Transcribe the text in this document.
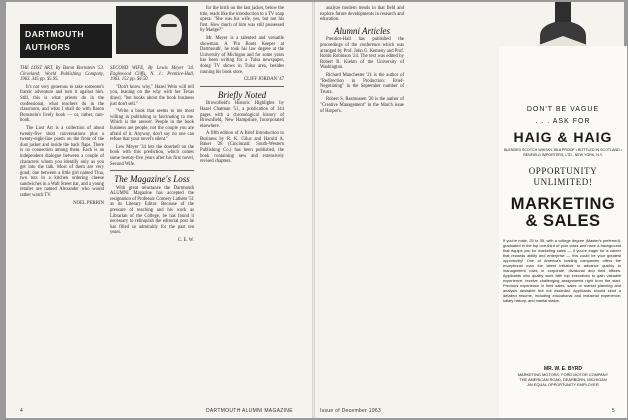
DARTMOUTH AUTHORS

THE LOST ART, By Baron Bornstein '53. Cleveland: World Publishing Company, 1963. 345 pp. $5.95.

It's not very generous to take someone's frantic adventure and turn it against him. Still, this is what priests do in the confessional, what teachers do in the classroom, and what I shall do with Baron Bornstein's lively book — or, rather, non-book.

The Lost Art is a collection of about twenty-five short conversations plus a twenty-eight-line poem on the front of the dust jacket and inside the back flaps. There is no connection among them. Each is an independent dialogue between a couple of characters whom you identify only as you get into the talk. Most of them are very good; one between a little girl named Tina, two tots in a kitchen ordering cheese sandwiches in a Wall Street bar, and a young retailer are named Alexander who would rather watch TV.

NOEL PERRIN

SECOND WIFE, By Lewis Meyer '34. Englewood Cliffs, N. J.: Prentice-Hall, 1963. 152 pp. $4.50.

"Don't know why," Hazel Wein will tell you, leaning on the why with her Texas drawl, "but books about the book business just don't sell."

"Write a book that seems to me most willing in publishing is fascinating to me. Which is the answer. People in the book business are people, not the couple you are afraid of it. Anyway, don't say no one can refuse that your novel's silent."

Lew Meyer '34 lets the doorbell on the book with this prediction, which comes some twenty-five years after his first novel, Second Wife.

The Magazine's Loss

With great reluctance the Dartmouth ALUMNI Magazine has accepted the resignation of Professor Cornery Lathem '51 as its Literary Editor. Because of the pressure of teaching and his work as Librarian of the College, he has found it necessary to relinquish the editorial post he has filled so admirably for the past ten years.

C. E. W.

for the hitch on the last jacket, below the title, reads like the introduction to a TV soap opera: "She was his wife, yes, but not his first. How much of him was still possessed by Madge?"

Mr. Meyer is a talented and versatile showman. A 'Pin Boots Keeper at Dartmouth', he took his law degree at the University of Michigan and for some years has been writing for a Tulsa newspaper, doing TV shows in Tulsa area, besides running his book store.

CLIFF JORDAN '47
Briefly Noted

Brownfield's Historic Highlights by Hazel Chatman '51, a publication of 144 pages with a chronological history of Brownfield, New Hampshire, Incorporated elsewhere.

A fifth edition of A Brief Introduction to Business by R. K. Gilus and Harold A. Baker '28 (Cincinnati: South-Western Publishing Co.) has been published, the book containing new and extensively revised chapters.

4	DARTMOUTH ALUMNI MAGAZINE

analyze modern trends in that field and explore future developments in research and education.

Alumni Articles

Prentice-Hall has published the proceedings of the conference which was arranged by Prof. John G. Kemeny and Prof. Robin Robinson '24. The text was edited by Robert B. Kiehm of the University of Washington.

Richard Manchester '21 is the author of "Redirection in Production: Brief-Negotiating" in the September number of Trusts.

Robert S. Rasmussen '30 is the author of "Creative Management" in the March issue of Harper's.

Issue of December 1963
DON'T BE VAGUE
. . . ASK FOR
HAIG & HAIG
BLENDED SCOTCH WHISKY, 86.8 PROOF • BOTTLED IN SCOTLAND • RENFIELD IMPORTERS, LTD., NEW YORK, N.Y.
OPPORTUNITY UNLIMITED!
MARKETING
& SALES
If you're male, 25 to 35, with a college degree (Master's preferred), graduated in the top one-third of your class and have a background that equips you for marketing sales — if you're eager for a career that rewards ability and enterprise — this could be your greatest opportunity! One of America's leading companies offers the exceptional man the latest initiative to advance quickly to management roles in corporate, divisional and field offices. Applicants who qualify work with top executives to gain valuable experience; receive challenging assignments right from the start. Previous experience in field sales, sales or market planning and analysis desirable but not essential. Applicants should send a detailed resume, including educational and industrial experience; salary history; and marital status.
MR. W. E. BYRD
MARKETING MOTORS, FORD MOTOR COMPANY
THE AMERICAN ROAD, DEARBORN, MICHIGAN
AN EQUAL OPPORTUNITY EMPLOYER
5
